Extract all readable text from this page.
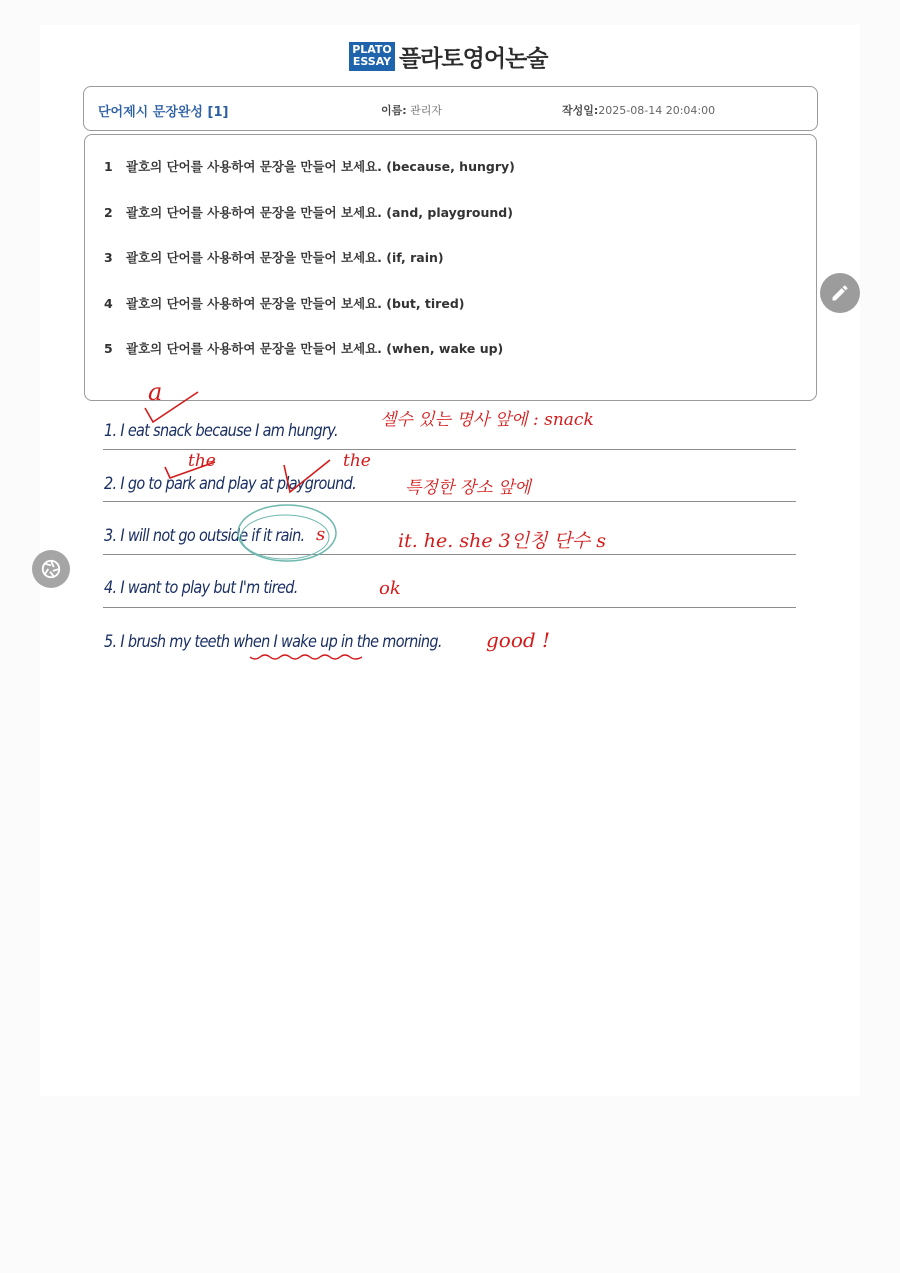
PLATO
ESSAY 플라토영어논술
단어제시 문장완성 [1]	이름: 관리자	작성일:2025-08-14 20:04:00
1 괄호의 단어를 사용하여 문장을 만들어 보세요. (because, hungry)
2 괄호의 단어를 사용하여 문장을 만들어 보세요. (and, playground)
3 괄호의 단어를 사용하여 문장을 만들어 보세요. (if, rain)
4 괄호의 단어를 사용하여 문장을 만들어 보세요. (but, tired)
5 괄호의 단어를 사용하여 문장을 만들어 보세요. (when, wake up)
1. I eat snack because I am hungry.
2. I go to park and play at playground.
3. I will not go outside if it rain.
4. I want to play but I'm tired.
5. I brush my teeth when I wake up in the morning.
a
셀수 있는 명사 앞에 : snack
the	the
특정한 장소 앞에
s	it. he. she 3인칭 단수 s
ok
good !
